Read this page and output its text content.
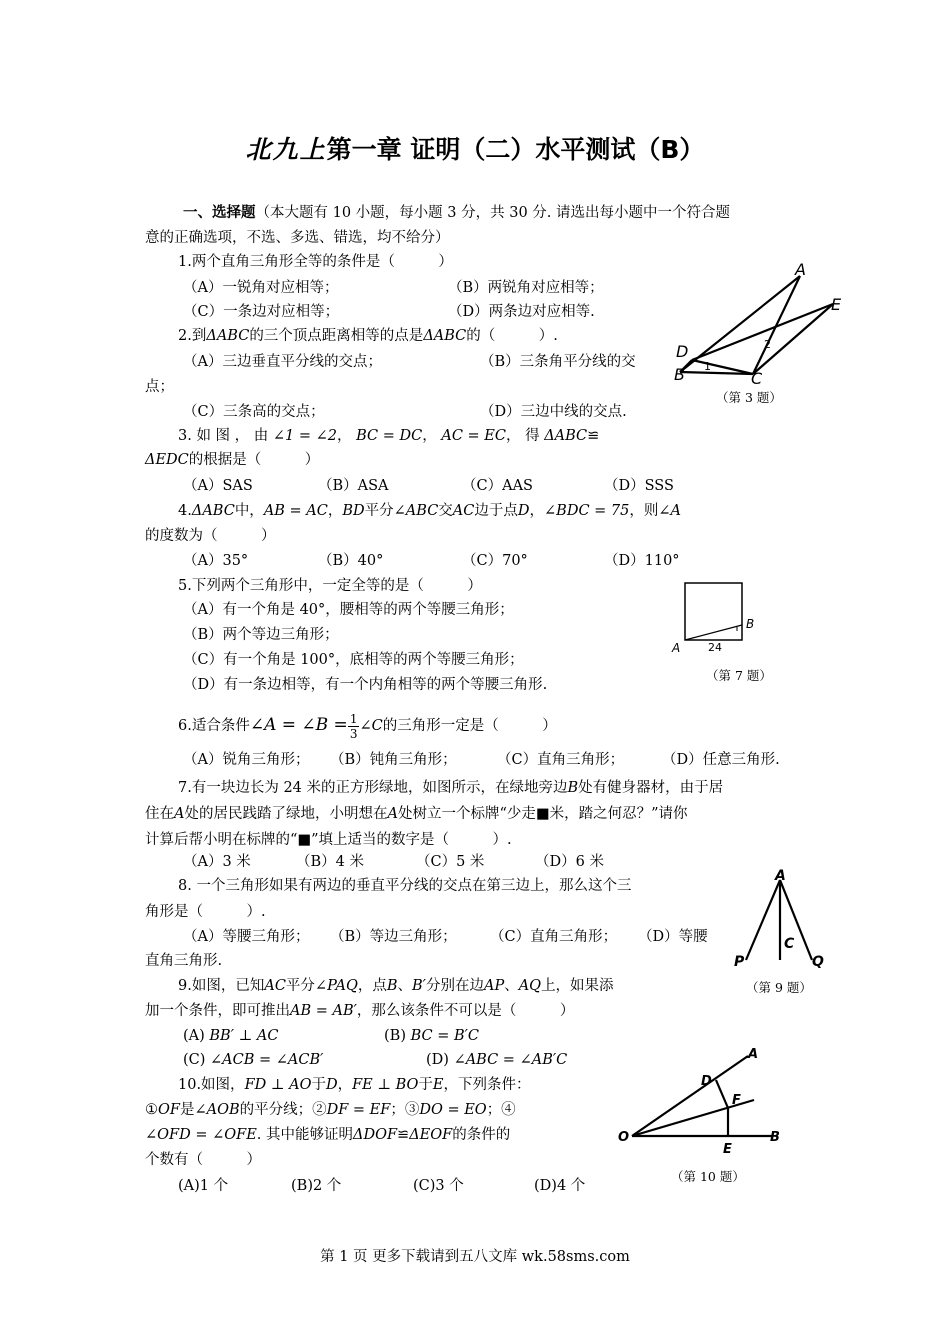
北九上第一章 证明（二）水平测试（B）
一、选择题（本大题有 10 小题，每小题 3 分，共 30 分. 请选出每小题中一个符合题
意的正确选项，不选、多选、错选，均不给分）
1.两个直角三角形全等的条件是（　　　）
（A）一锐角对应相等；	（B）两锐角对应相等；
（C）一条边对应相等；	（D）两条边对应相等.
2.到ΔABC的三个顶点距离相等的点是ΔABC的（　　　）.
（A）三边垂直平分线的交点；	（B）三条角平分线的交
点；
（C）三条高的交点；	（D）三边中线的交点.
3. 如 图 ， 由 ∠1 = ∠2， BC = DC， AC = EC， 得 ΔABC≌
ΔEDC的根据是（　　　）
（A）SAS	（B）ASA	（C）AAS	（D）SSS
4.ΔABC中，AB = AC，BD平分∠ABC交AC边于点D，∠BDC = 75，则∠A
的度数为（　　　）
（A）35°	（B）40°	（C）70°	（D）110°
5.下列两个三角形中，一定全等的是（　　　）
（A）有一个角是 40°，腰相等的两个等腰三角形；
（B）两个等边三角形；
（C）有一个角是 100°，底相等的两个等腰三角形；
（D）有一条边相等，有一个内角相等的两个等腰三角形.
6.适合条件∠A = ∠B = $\frac{1}{3}$ ∠C的三角形一定是（　　　）
（A）锐角三角形； （B）钝角三角形；	（C）直角三角形；	（D）任意三角形.
7.有一块边长为 24 米的正方形绿地，如图所示，在绿地旁边B处有健身器材，由于居
住在A处的居民践踏了绿地，小明想在A处树立一个标牌“少走■米，踏之何忍？”请你
计算后帮小明在标牌的“■”填上适当的数字是（　　　）.
（A）3 米	（B）4 米	（C）5 米	（D）6 米
8. 一个三角形如果有两边的垂直平分线的交点在第三边上，那么这个三
角形是（　　　）.
（A）等腰三角形； （B）等边三角形； （C）直角三角形； （D）等腰
直角三角形.
9.如图，已知AC平分∠PAQ，点B、B′分别在边AP、AQ上，如果添
加一个条件，即可推出AB = AB′，那么该条件不可以是（　　　）
(A) BB′ ⊥ AC	(B) BC = B′C
(C) ∠ACB = ∠ACB′	(D) ∠ABC = ∠AB′C
10.如图，FD ⊥ AO于D，FE ⊥ BO于E，下列条件：
①OF是∠AOB的平分线；②DF = EF；③DO = EO；④
∠OFD = ∠OFE. 其中能够证明ΔDOF≌ΔEOF的条件的
个数有（　　　）
(A)1 个	(B)2 个	(C)3 个	(D)4 个
A
E
D
B	C
1
2
（第 3 题）
A
B
24
（第 7 题）
A
C
P	Q
（第 9 题）
A
D
F
E
O	B
（第 10 题）
第 1 页 更多下载请到五八文库 wk.58sms.com
